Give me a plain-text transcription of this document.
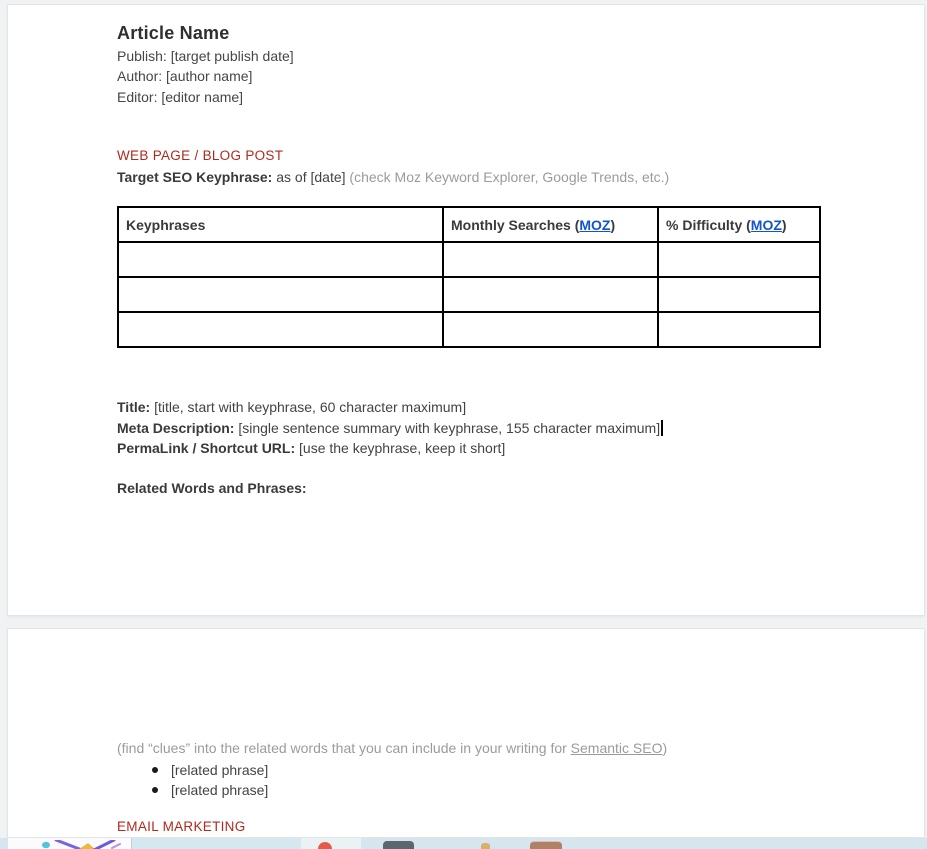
Article Name
Publish: [target publish date]
Author: [author name]
Editor: [editor name]
WEB PAGE / BLOG POST
Target SEO Keyphrase: as of [date] (check Moz Keyword Explorer, Google Trends, etc.)
Keyphrases	Monthly Searches (MOZ)	% Difficulty (MOZ)

Title: [title, start with keyphrase, 60 character maximum]
Meta Description: [single sentence summary with keyphrase, 155 character maximum]
PermaLink / Shortcut URL: [use the keyphrase, keep it short]
Related Words and Phrases:
(find “clues” into the related words that you can include in your writing for Semantic SEO)
[related phrase]
[related phrase]
EMAIL MARKETING
